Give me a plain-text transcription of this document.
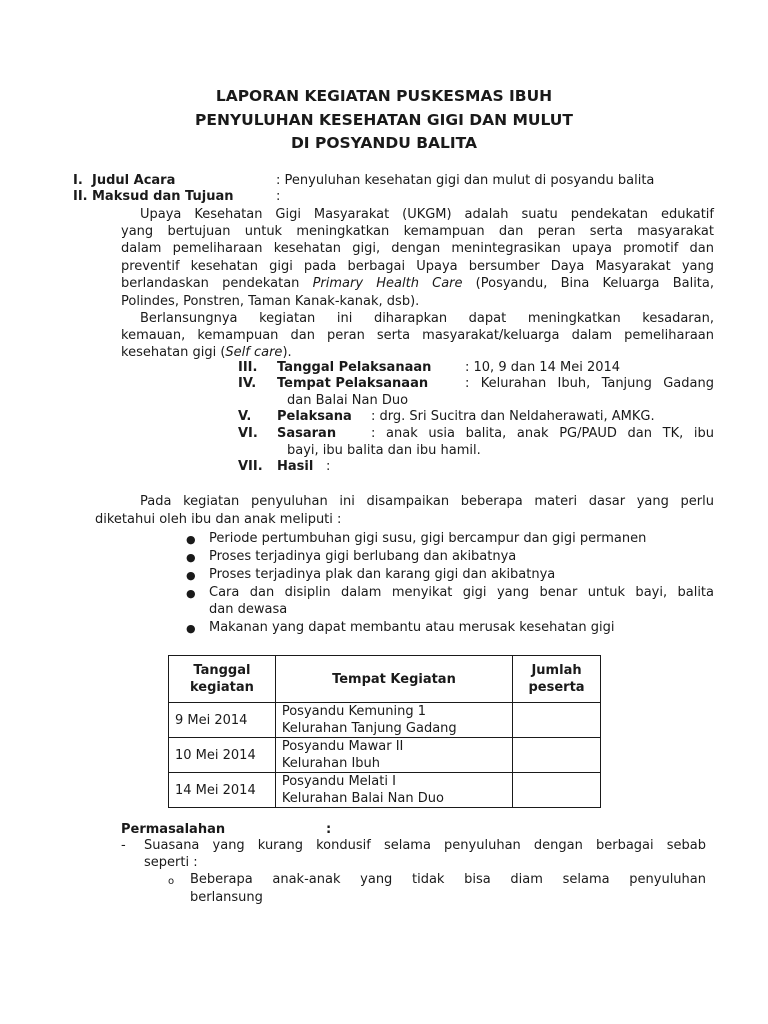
LAPORAN KEGIATAN PUSKESMAS IBUH
PENYULUHAN KESEHATAN GIGI DAN MULUT
DI POSYANDU BALITA
I. Judul Acara	: Penyuluhan kesehatan gigi dan mulut di posyandu balita
II. Maksud dan Tujuan	:
Upaya Kesehatan Gigi Masyarakat (UKGM) adalah suatu pendekatan edukatif
yang bertujuan untuk meningkatkan kemampuan dan peran serta masyarakat
dalam pemeliharaan kesehatan gigi, dengan menintegrasikan upaya promotif dan
preventif kesehatan gigi pada berbagai Upaya bersumber Daya Masyarakat yang
berlandaskan pendekatan Primary Health Care (Posyandu, Bina Keluarga Balita,
Polindes, Ponstren, Taman Kanak-kanak, dsb).
Berlansungnya kegiatan ini diharapkan dapat meningkatkan kesadaran,
kemauan, kemampuan dan peran serta masyarakat/keluarga dalam pemeliharaan
kesehatan gigi (Self care).
III. Tanggal Pelaksanaan	: 10, 9 dan 14 Mei 2014
IV. Tempat Pelaksanaan	: Kelurahan Ibuh, Tanjung Gadang
dan Balai Nan Duo
V. Pelaksana : drg. Sri Sucitra dan Neldaherawati, AMKG.
VI. Sasaran	: anak usia balita, anak PG/PAUD dan TK, ibu
bayi, ibu balita dan ibu hamil.
VII. Hasil :
Pada kegiatan penyuluhan ini disampaikan beberapa materi dasar yang perlu
diketahui oleh ibu dan anak meliputi :
● Periode pertumbuhan gigi susu, gigi bercampur dan gigi permanen
● Proses terjadinya gigi berlubang dan akibatnya
● Proses terjadinya plak dan karang gigi dan akibatnya
● Cara dan disiplin dalam menyikat gigi yang benar untuk bayi, balita
dan dewasa
● Makanan yang dapat membantu atau merusak kesehatan gigi
Tanggal
kegiatan	Tempat Kegiatan	Jumlah
peserta
9 Mei 2014	Posyandu Kemuning 1
Kelurahan Tanjung Gadang	
10 Mei 2014	Posyandu Mawar II
Kelurahan Ibuh	
14 Mei 2014	Posyandu Melati I
Kelurahan Balai Nan Duo	
Permasalahan	:
- Suasana yang kurang kondusif selama penyuluhan dengan berbagai sebab
seperti :
o Beberapa anak-anak yang tidak bisa diam selama penyuluhan
berlansung
